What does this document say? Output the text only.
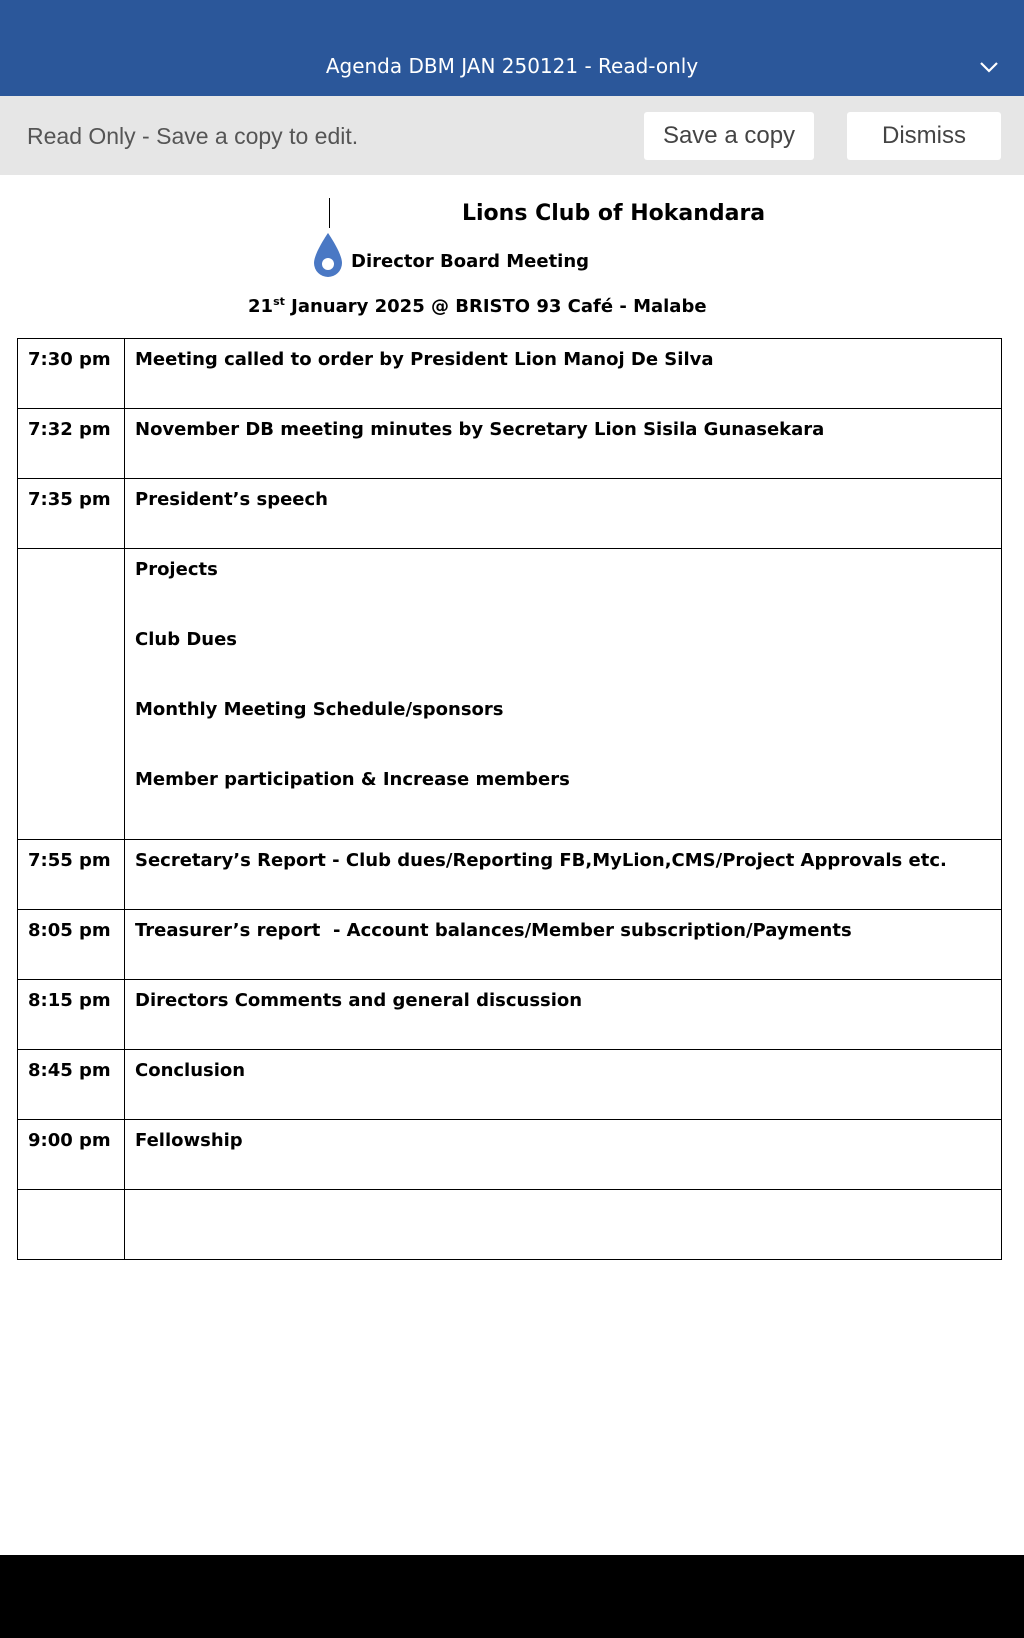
Agenda DBM JAN 250121 - Read-only
Read Only - Save a copy to edit.	Save a copy	Dismiss
Lions Club of Hokandara
Director Board Meeting
21st January 2025 @ BRISTO 93 Café - Malabe
7:30 pm	Meeting called to order by President Lion Manoj De Silva
7:32 pm	November DB meeting minutes by Secretary Lion Sisila Gunasekara
7:35 pm	President’s speech

	Projects
Club Dues
Monthly Meeting Schedule/sponsors
Member participation & Increase members

7:55 pm	Secretary’s Report - Club dues/Reporting FB,MyLion,CMS/Project Approvals etc.
8:05 pm	Treasurer’s report  - Account balances/Member subscription/Payments
8:15 pm	Directors Comments and general discussion
8:45 pm	Conclusion
9:00 pm	Fellowship
